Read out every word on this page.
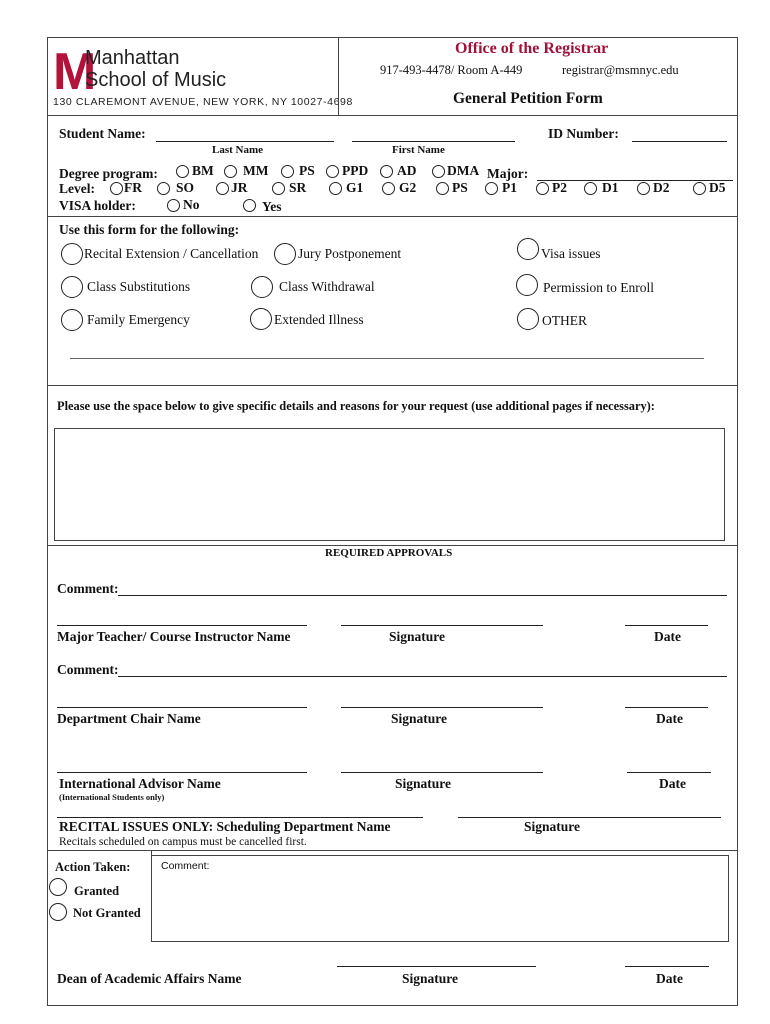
M
Manhattan
School of Music
130 CLAREMONT AVENUE, NEW YORK, NY 10027-4698
Office of the Registrar
917-493-4478/ Room A-449	registrar@msmnyc.edu
General Petition Form
Student Name:
Last Name	First Name
ID Number:
Degree program:	BM MM PS PPD AD DMA Major:
Level: FR	SO	JR	SR	G1	G2	PS	P1	P2	D1	D2	D5
VISA holder:	No	Yes
Use this form for the following:
Recital Extension / Cancellation	Jury Postponement	Visa issues
Class Substitutions	Class Withdrawal	Permission to Enroll
Family Emergency	Extended Illness	OTHER
Please use the space below to give specific details and reasons for your request (use additional pages if necessary):
REQUIRED APPROVALS
Comment:
Major Teacher/ Course Instructor Name	Signature	Date
Comment:
Department Chair Name	Signature	Date
International Advisor Name	Signature	Date
(International Students only)
RECITAL ISSUES ONLY: Scheduling Department Name	Signature
Recitals scheduled on campus must be cancelled first.
Action Taken:	Comment:
Granted
Not Granted
Dean of Academic Affairs Name	Signature	Date
